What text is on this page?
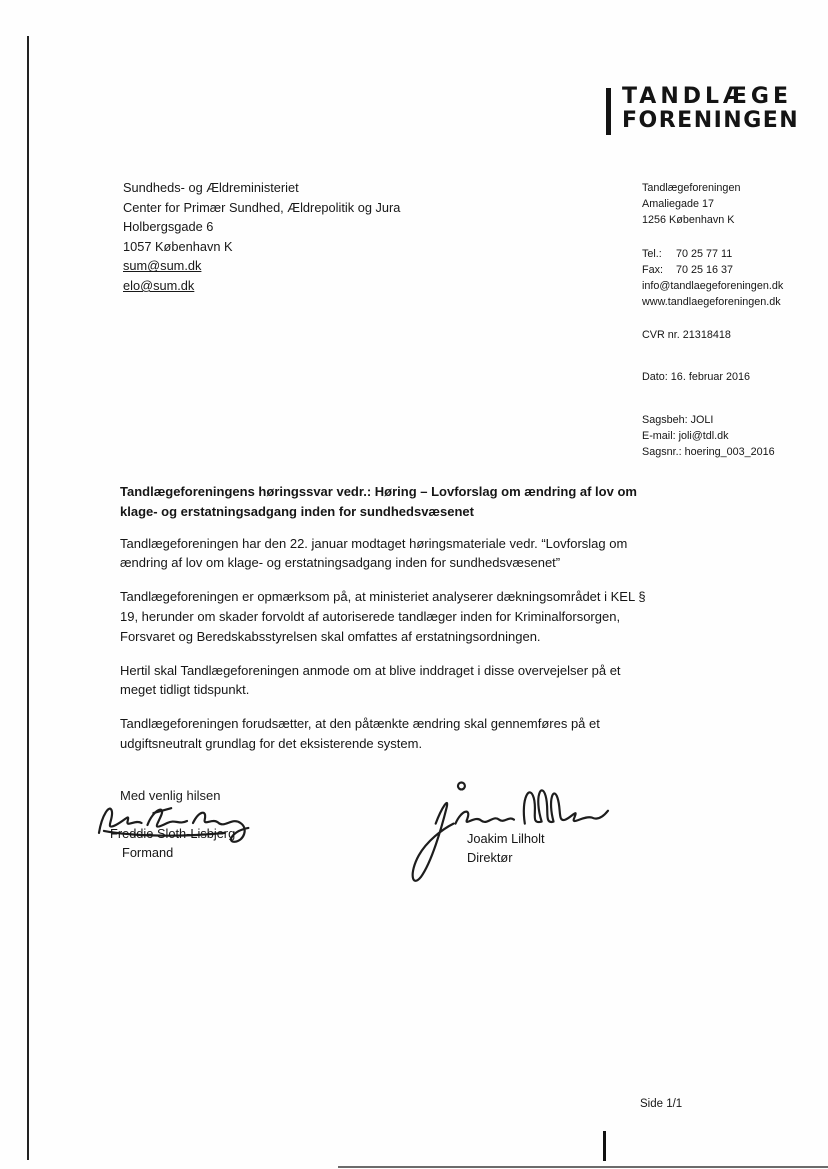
TANDLÆGE
FORENINGEN
Sundheds- og Ældreministeriet
Center for Primær Sundhed, Ældrepolitik og Jura
Holbergsgade 6
1057 København K
sum@sum.dk
elo@sum.dk
Tandlægeforeningen
Amaliegade 17
1256 København K
Tel.:	70 25 77 11
Fax:	70 25 16 37
info@tandlaegeforeningen.dk
www.tandlaegeforeningen.dk
CVR nr. 21318418
Dato: 16. februar 2016
Sagsbeh: JOLI
E-mail: joli@tdl.dk
Sagsnr.: hoering_003_2016
Tandlægeforeningens høringssvar vedr.: Høring – Lovforslag om ændring af lov om klage- og erstatningsadgang inden for sundhedsvæsenet

Tandlægeforeningen har den 22. januar modtaget høringsmateriale vedr. “Lovforslag om ændring af lov om klage- og erstatningsadgang inden for sundhedsvæsenet”

Tandlægeforeningen er opmærksom på, at ministeriet analyserer dækningsområdet i KEL § 19, herunder om skader forvoldt af autoriserede tandlæger inden for Kriminalforsorgen, Forsvaret og Beredskabsstyrelsen skal omfattes af erstatningsordningen.

Hertil skal Tandlægeforeningen anmode om at blive inddraget i disse overvejelser på et meget tidligt tidspunkt.

Tandlægeforeningen forudsætter, at den påtænkte ændring skal gennemføres på et udgiftsneutralt grundlag for det eksisterende system.

Med venlig hilsen
Freddie Sloth-Lisbjerg
Formand
Joakim Lilholt
Direktør
Side 1/1
